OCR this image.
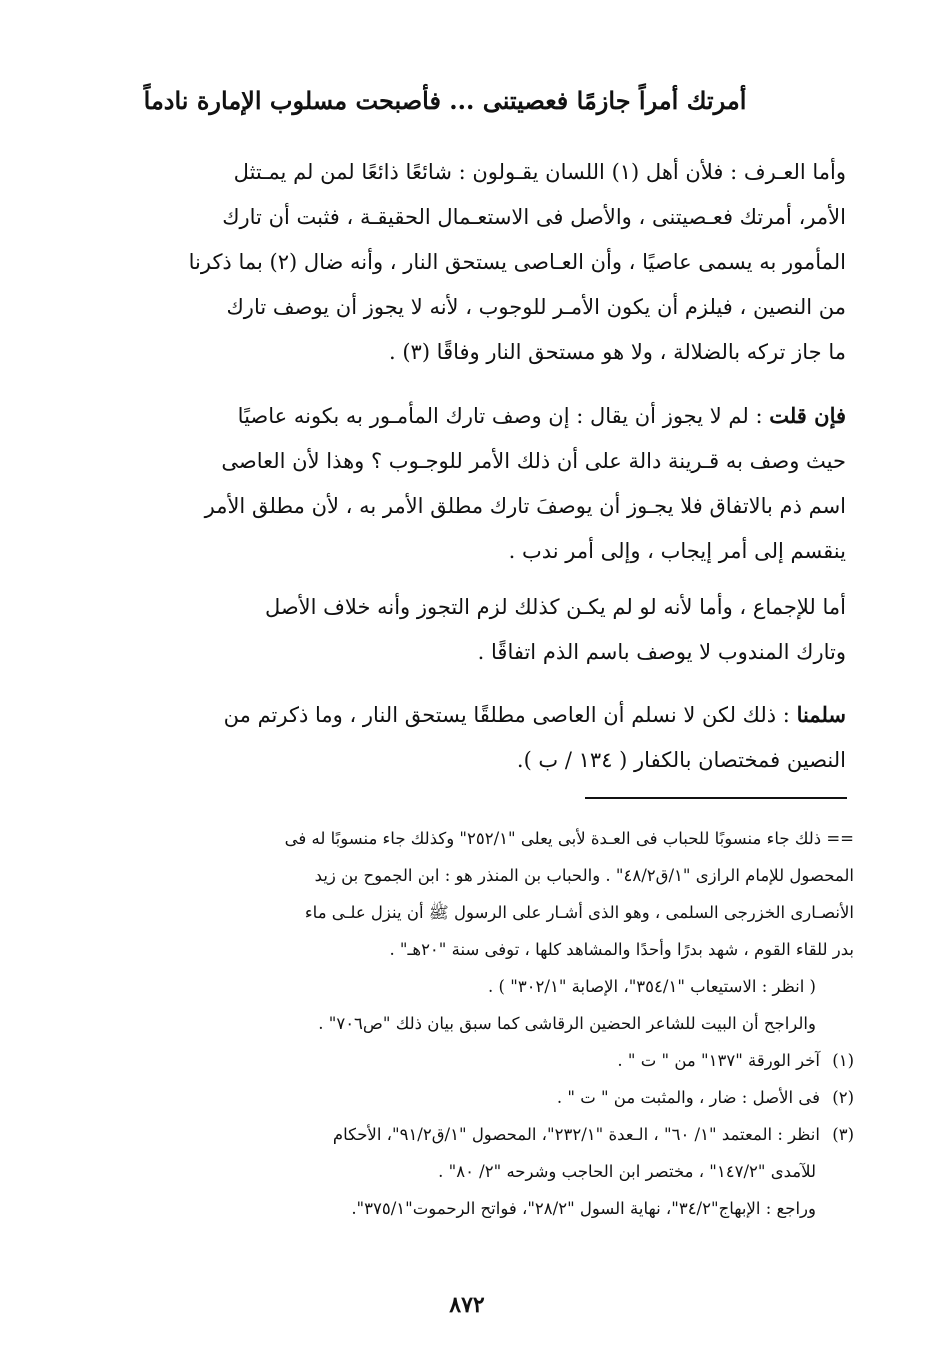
أمرتك أمراً جازمًا فعصيتنى ... فأصبحت مسلوب الإمارة نادماً
وأما العـرف : فلأن أهل (١) اللسان يقـولون : شائعًا ذائعًا لمن لم يمـتثل
الأمر، أمرتك فعـصيتنى ، والأصل فى الاستعـمال الحقيقـة ، فثبت أن تارك
المأمور به يسمى عاصيًا ، وأن العـاصى يستحق النار ، وأنه ضال (٢) بما ذكرنا
من النصين ، فيلزم أن يكون الأمـر للوجوب ، لأنه لا يجوز أن يوصف تارك
ما جاز تركه بالضلالة ، ولا هو مستحق النار وفاقًا (٣) .
فإن قلت : لم لا يجوز أن يقال : إن وصف تارك المأمـور به بكونه عاصيًا
حيث وصف به قـرينة دالة على أن ذلك الأمر للوجـوب ؟ وهذا لأن العاصى
اسم ذم بالاتفاق فلا يجـوز أن يوصفَ تارك مطلق الأمر به ، لأن مطلق الأمر
ينقسم إلى أمر إيجاب ، وإلى أمر ندب .
أما للإجماع ، وأما لأنه لو لم يكـن كذلك لزم التجوز وأنه خلاف الأصل
وتارك المندوب لا يوصف باسم الذم اتفاقًا .
سلمنا : ذلك لكن لا نسلم أن العاصى مطلقًا يستحق النار ، وما ذكرتم من
النصين فمختصان بالكفار ( ١٣٤ / ب ).
== ذلك جاء منسوبًا للحباب فى العـدة لأبى يعلى "٢٥٢/١" وكذلك جاء منسوبًا له فى
المحصول للإمام الرازى "١/ق٤٨/٢" . والحباب بن المنذر هو : ابن الجموح بن زيد
الأنصـارى الخزرجى السلمى ، وهو الذى أشـار على الرسول ﷺ أن ينزل علـى ماء
بدر للقاء القوم ، شهد بدرًا وأحدًا والمشاهد كلها ، توفى سنة "٢٠هـ" .
( انظر : الاستيعاب "٣٥٤/١"، الإصابة "٣٠٢/١" ) .
والراجح أن البيت للشاعر الحضين الرقاشى كما سبق بيان ذلك "ص٧٠٦" .
(١)آخر الورقة "١٣٧" من " ت " .
(٢)فى الأصل : ضار ، والمثبت من " ت " .
(٣)انظر : المعتمد "١/ ٦٠" ، الـعدة "٢٣٢/١"، المحصول "١/ق٩١/٢"، الأحكام
للآمدى "١٤٧/٢" ، مختصر ابن الحاجب وشرحه "٢/ ٨٠" .
وراجع : الإبهاج"٣٤/٢"، نهاية السول "٢٨/٢"، فواتح الرحموت"٣٧٥/١".
٨٧٢
